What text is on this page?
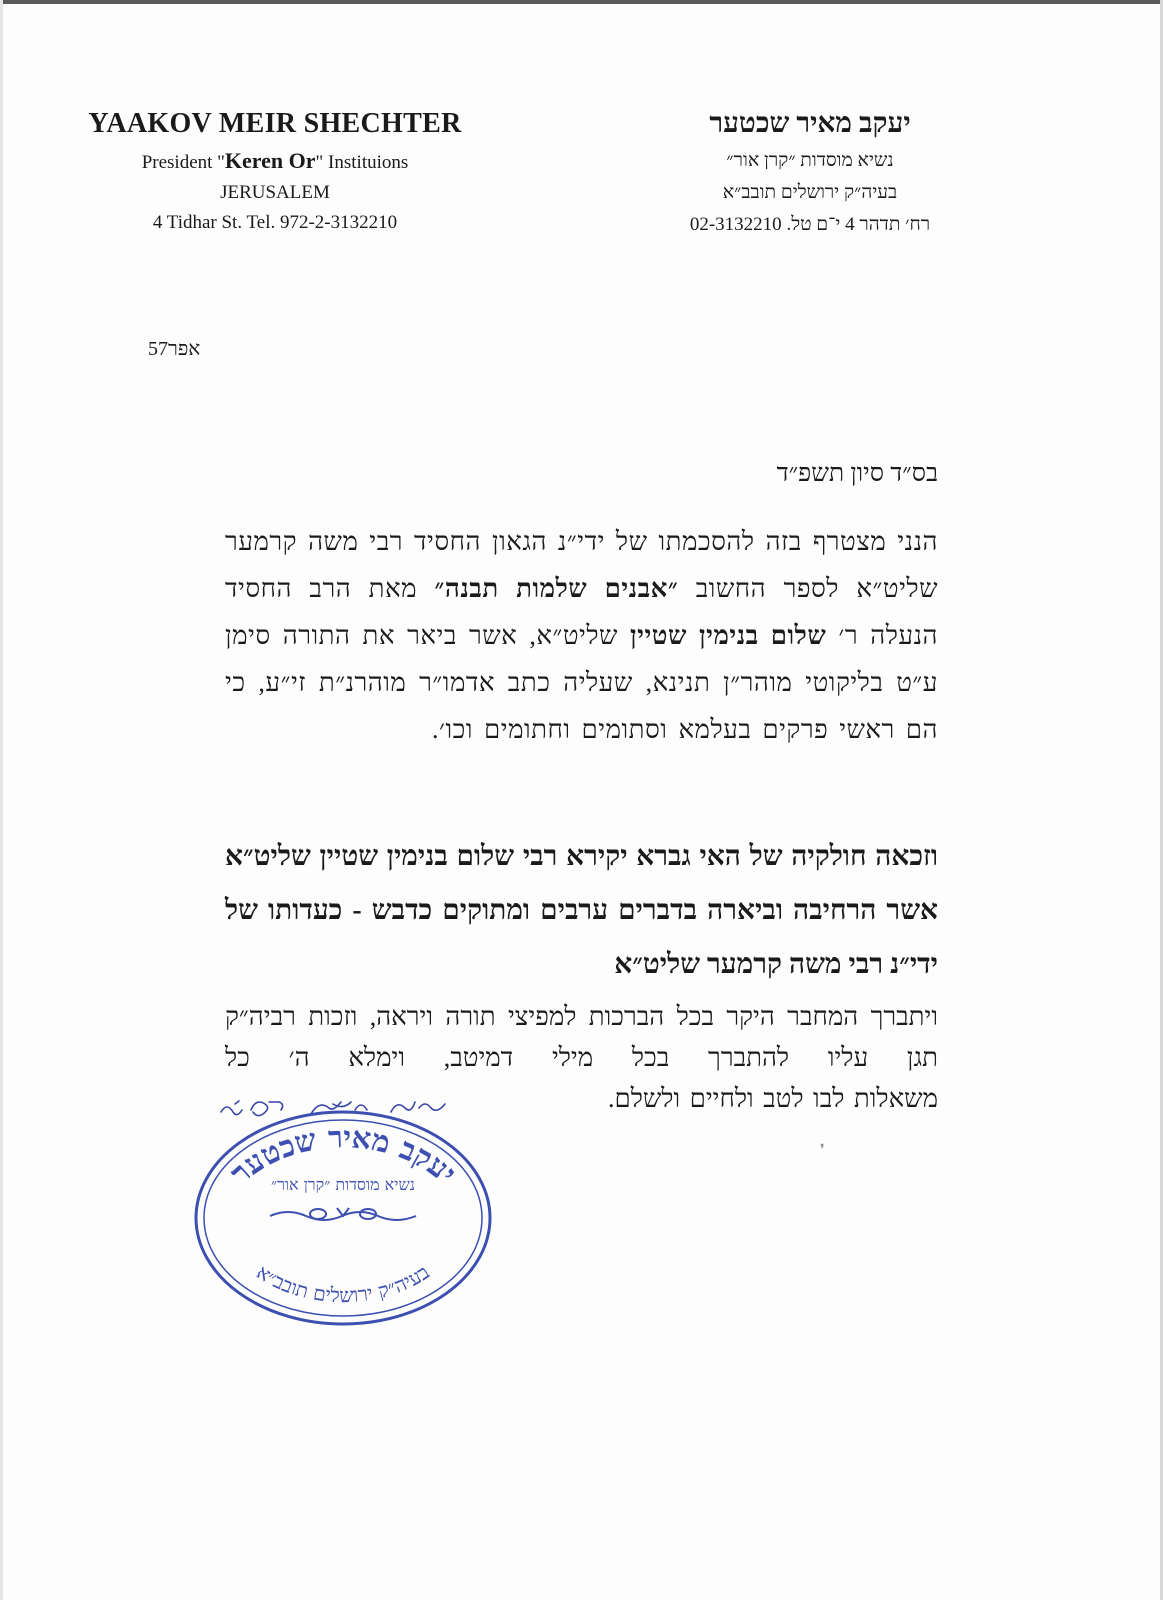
YAAKOV MEIR SHECHTER
President "Keren Or" Instituions
JERUSALEM
4 Tidhar St. Tel. 972-2-3132210
יעקב מאיר שכטער
נשיא מוסדות ״קרן אור״
בעיה״ק ירושלים תובב״א
רח׳ תדהר 4 י־ם טל. 02-3132210
אפר57
בס״ד סיון תשפ״ד
הנני מצטרף בזה להסכמתו של ידי״נ הגאון החסיד רבי משה קרמער שליט״א לספר החשוב ״אבנים שלמות תבנה״ מאת הרב החסיד הנעלה ר׳ שלום בנימין שטיין שליט״א, אשר ביאר את התורה סימן ע״ט בליקוטי מוהר״ן תנינא, שעליה כתב אדמו״ר מוהרנ״ת זי״ע, כי הם ראשי פרקים בעלמא וסתומים וחתומים וכו׳.
וזכאה חולקיה של האי גברא יקירא רבי שלום בנימין שטיין שליט״א אשר הרחיבה וביארה בדברים ערבים ומתוקים כדבש - כעדותו של ידי״נ רבי משה קרמער שליט״א
ויתברך המחבר היקר בכל הברכות למפיצי תורה ויראה, וזכות רביה״ק תגן עליו להתברך בכל מילי דמיטב, וימלא ה׳ כל משאלות לבו לטב ולחיים ולשלם.
יעקב מאיר שכטער
נשיא מוסדות ״קרן אור״
בעיה״ק ירושלים תובב״א
❜
